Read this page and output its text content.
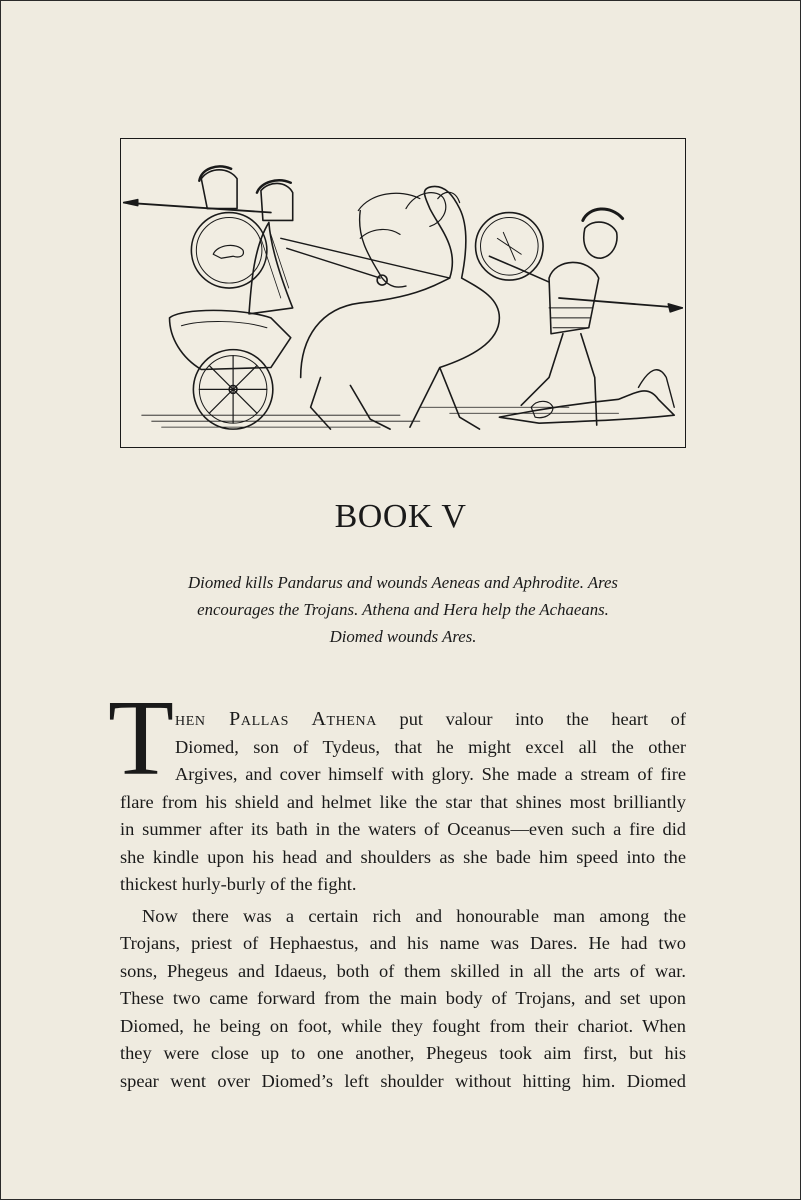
BOOK V
Diomed kills Pandarus and wounds Aeneas and Aphrodite. Ares
encourages the Trojans. Athena and Hera help the Achaeans.
Diomed wounds Ares.
T hen Pallas Athena put valour into the heart of
Diomed, son of Tydeus, that he might excel all the other
Argives, and cover himself with glory. She made a stream of fire
flare from his shield and helmet like the star that shines most brilliantly
in summer after its bath in the waters of Oceanus—even such a fire did
she kindle upon his head and shoulders as she bade him speed into the
thickest hurly-burly of the fight.
Now there was a certain rich and honourable man among the
Trojans, priest of Hephaestus, and his name was Dares. He had two
sons, Phegeus and Idaeus, both of them skilled in all the arts of war.
These two came forward from the main body of Trojans, and set upon
Diomed, he being on foot, while they fought from their chariot. When
they were close up to one another, Phegeus took aim first, but his
spear went over Diomed’s left shoulder without hitting him. Diomed
